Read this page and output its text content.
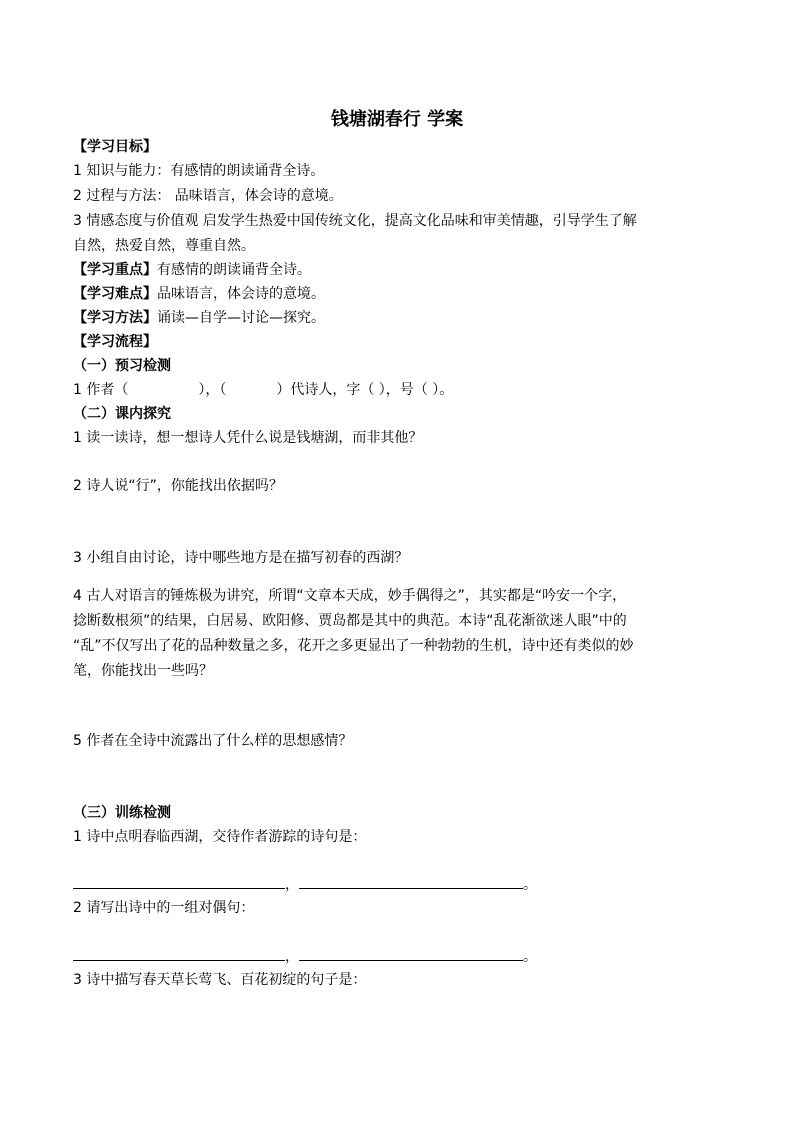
钱塘湖春行 学案
【学习目标】
1 知识与能力：有感情的朗读诵背全诗。
2 过程与方法： 品味语言，体会诗的意境。
3 情感态度与价值观 启发学生热爱中国传统文化，提高文化品味和审美情趣，引导学生了解
自然，热爱自然，尊重自然。
【学习重点】有感情的朗读诵背全诗。
【学习难点】品味语言，体会诗的意境。
【学习方法】诵读—自学—讨论—探究。
【学习流程】
（一）预习检测
1 作者（	），（	）代诗人，字（ ），号（ ）。
（二）课内探究
1 读一读诗，想一想诗人凭什么说是钱塘湖，而非其他？
2 诗人说“行”，你能找出依据吗？
3 小组自由讨论，诗中哪些地方是在描写初春的西湖？
4 古人对语言的锤炼极为讲究，所谓“文章本天成，妙手偶得之”，其实都是“吟安一个字，
捻断数根须”的结果，白居易、欧阳修、贾岛都是其中的典范。本诗“乱花渐欲迷人眼”中的
“乱”不仅写出了花的品种数量之多，花开之多更显出了一种勃勃的生机，诗中还有类似的妙
笔，你能找出一些吗？
5 作者在全诗中流露出了什么样的思想感情？
（三）训练检测
1 诗中点明春临西湖，交待作者游踪的诗句是：
，	。
2 请写出诗中的一组对偶句：
，	。
3 诗中描写春天草长莺飞、百花初绽的句子是：
